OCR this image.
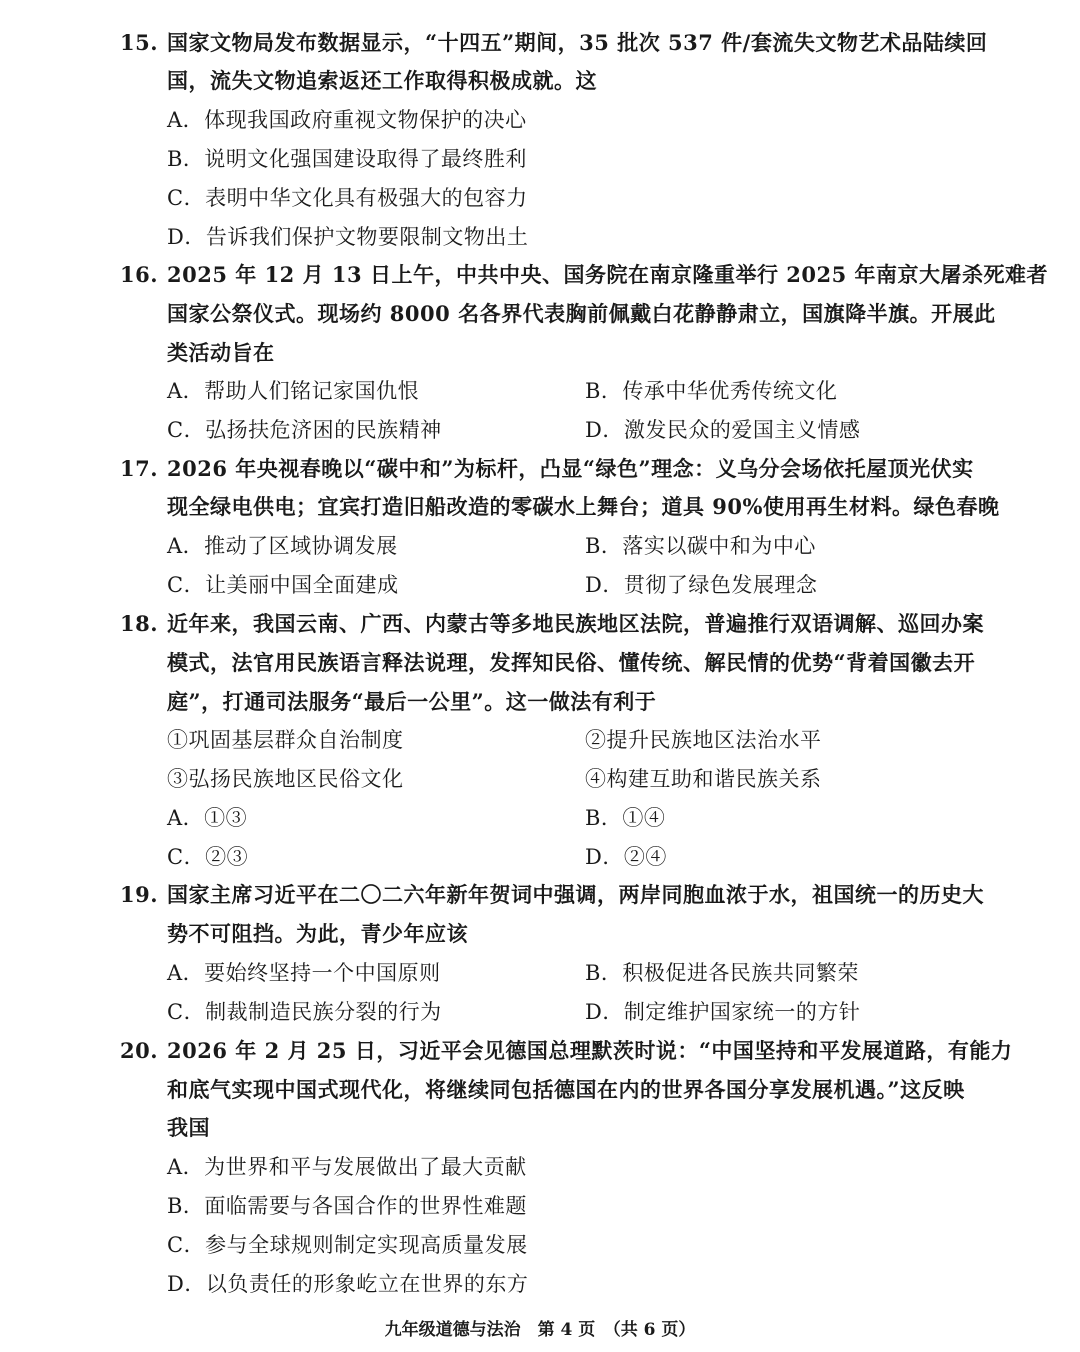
15. 国家文物局发布数据显示，“十四五”期间，35 批次 537 件/套流失文物艺术品陆续回
国，流失文物追索返还工作取得积极成就。这
A．体现我国政府重视文物保护的决心
B．说明文化强国建设取得了最终胜利
C．表明中华文化具有极强大的包容力
D．告诉我们保护文物要限制文物出土
16. 2025 年 12 月 13 日上午，中共中央、国务院在南京隆重举行 2025 年南京大屠杀死难者
国家公祭仪式。现场约 8000 名各界代表胸前佩戴白花静静肃立，国旗降半旗。开展此
类活动旨在
A．帮助人们铭记家国仇恨	B．传承中华优秀传统文化
C．弘扬扶危济困的民族精神	D．激发民众的爱国主义情感
17. 2026 年央视春晚以“碳中和”为标杆，凸显“绿色”理念：义乌分会场依托屋顶光伏实
现全绿电供电；宜宾打造旧船改造的零碳水上舞台；道具 90%使用再生材料。绿色春晚
A．推动了区域协调发展	B．落实以碳中和为中心
C．让美丽中国全面建成	D．贯彻了绿色发展理念
18. 近年来，我国云南、广西、内蒙古等多地民族地区法院，普遍推行双语调解、巡回办案
模式，法官用民族语言释法说理，发挥知民俗、懂传统、解民情的优势“背着国徽去开
庭”，打通司法服务“最后一公里”。这一做法有利于
①巩固基层群众自治制度	②提升民族地区法治水平
③弘扬民族地区民俗文化	④构建互助和谐民族关系
A．①③	B．①④
C．②③	D．②④
19. 国家主席习近平在二〇二六年新年贺词中强调，两岸同胞血浓于水，祖国统一的历史大
势不可阻挡。为此，青少年应该
A．要始终坚持一个中国原则	B．积极促进各民族共同繁荣
C．制裁制造民族分裂的行为	D．制定维护国家统一的方针
20. 2026 年 2 月 25 日，习近平会见德国总理默茨时说：“中国坚持和平发展道路，有能力
和底气实现中国式现代化，将继续同包括德国在内的世界各国分享发展机遇。”这反映
我国
A．为世界和平与发展做出了最大贡献
B．面临需要与各国合作的世界性难题
C．参与全球规则制定实现高质量发展
D．以负责任的形象屹立在世界的东方
九年级道德与法治　第 4 页　（共 6 页）
